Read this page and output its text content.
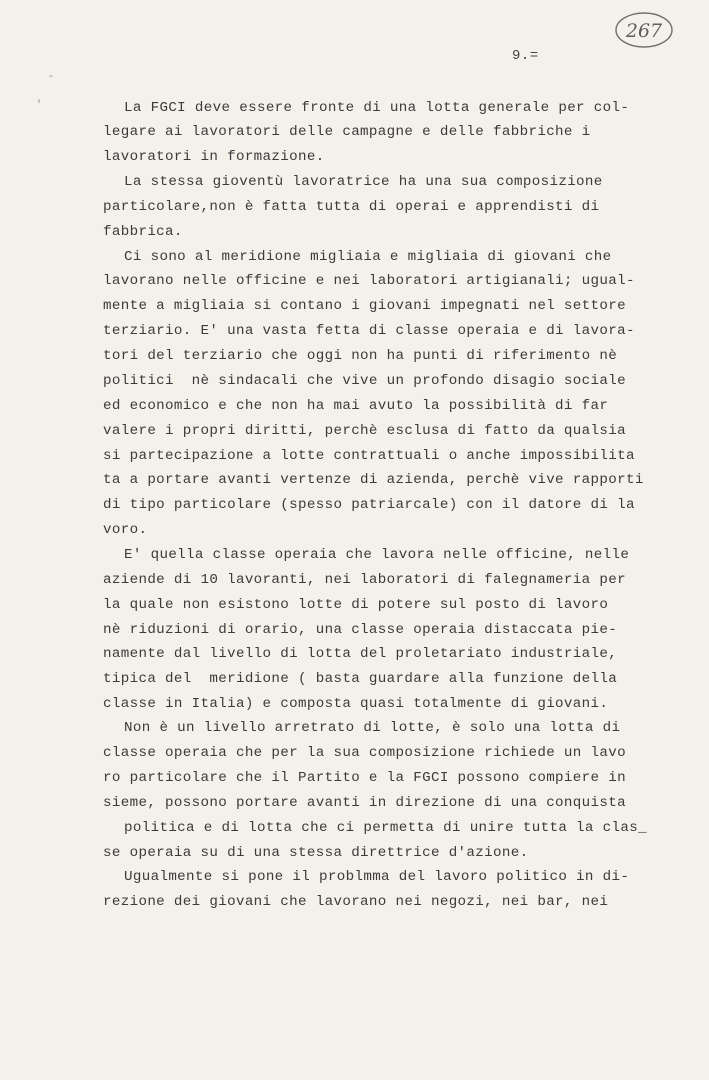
267
9.=
-
'	La FGCI deve essere fronte di una lotta generale per col-
legare ai lavoratori delle campagne e delle fabbriche i
lavoratori in formazione.
La stessa gioventù lavoratrice ha una sua composizione
particolare,non è fatta tutta di operai e apprendisti di
fabbrica.
Ci sono al meridione migliaia e migliaia di giovani che
lavorano nelle officine e nei laboratori artigianali; ugual-
mente a migliaia si contano i giovani impegnati nel settore
terziario. E' una vasta fetta di classe operaia e di lavora-
tori del terziario che oggi non ha punti di riferimento nè
politici  nè sindacali che vive un profondo disagio sociale
ed economico e che non ha mai avuto la possibilità di far
valere i propri diritti, perchè esclusa di fatto da qualsia
si partecipazione a lotte contrattuali o anche impossibilita
ta a portare avanti vertenze di azienda, perchè vive rapporti
di tipo particolare (spesso patriarcale) con il datore di la
voro.
E' quella classe operaia che lavora nelle officine, nelle
aziende di 10 lavoranti, nei laboratori di falegnameria per
la quale non esistono lotte di potere sul posto di lavoro
nè riduzioni di orario, una classe operaia distaccata pie-
namente dal livello di lotta del proletariato industriale,
tipica del  meridione ( basta guardare alla funzione della
classe in Italia) e composta quasi totalmente di giovani.
Non è un livello arretrato di lotte, è solo una lotta di
classe operaia che per la sua composizione richiede un lavo
ro particolare che il Partito e la FGCI possono compiere in
sieme, possono portare avanti in direzione di una conquista
politica e di lotta che ci permetta di unire tutta la clas_
se operaia su di una stessa direttrice d'azione.
Ugualmente si pone il problmma del lavoro politico in di-
rezione dei giovani che lavorano nei negozi, nei bar, nei
